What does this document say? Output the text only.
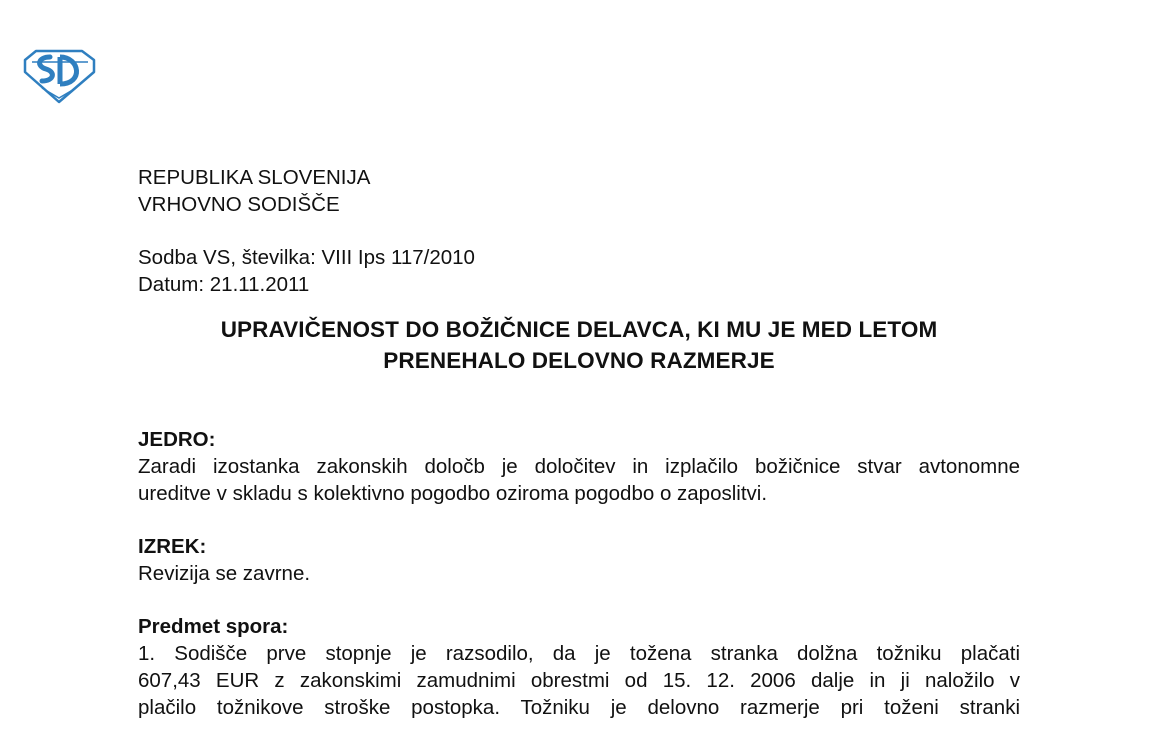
REPUBLIKA SLOVENIJA
VRHOVNO SODIŠČE
Sodba VS, številka: VIII Ips 117/2010
Datum: 21.11.2011
UPRAVIČENOST DO BOŽIČNICE DELAVCA, KI MU JE MED LETOM
PRENEHALO DELOVNO RAZMERJE
JEDRO:
Zaradi izostanka zakonskih določb je določitev in izplačilo božičnice stvar avtonomne
ureditve v skladu s kolektivno pogodbo oziroma pogodbo o zaposlitvi.
IZREK:
Revizija se zavrne.
Predmet spora:
1. Sodišče prve stopnje je razsodilo, da je tožena stranka dolžna tožniku plačati
607,43 EUR z zakonskimi zamudnimi obrestmi od 15. 12. 2006 dalje in ji naložilo v
plačilo tožnikove stroške postopka. Tožniku je delovno razmerje pri toženi stranki
